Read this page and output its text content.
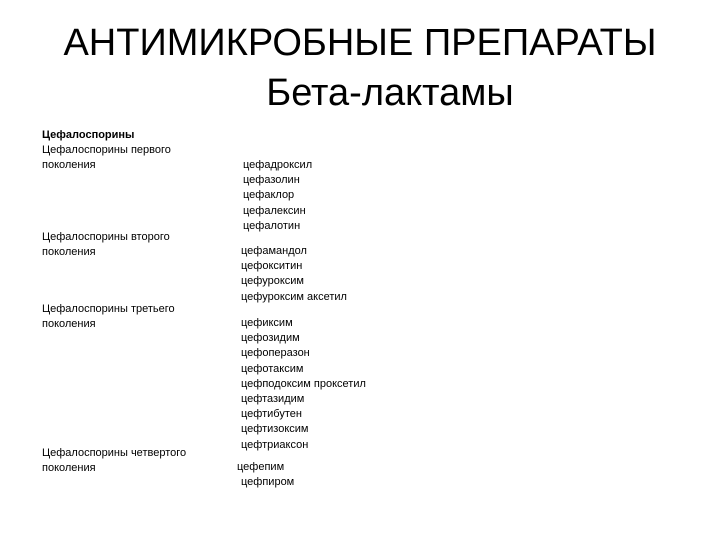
АНТИМИКРОБНЫЕ ПРЕПАРАТЫ
Бета-лактамы
Цефалоспорины
Цефалоспорины первого поколения	цефадроксил
цефазолин
цефаклор
цефалексин
цефалотин
Цефалоспорины второго поколения	цефамандол
цефокситин
цефуроксим
цефуроксим аксетил
Цефалоспорины третьего поколения	цефиксим
цефозидим
цефоперазон
цефотаксим
цефподоксим проксетил
цефтазидим
цефтибутен
цефтизоксим
цефтриаксон
Цефалоспорины четвертого поколения	цефепим
цефпиром
